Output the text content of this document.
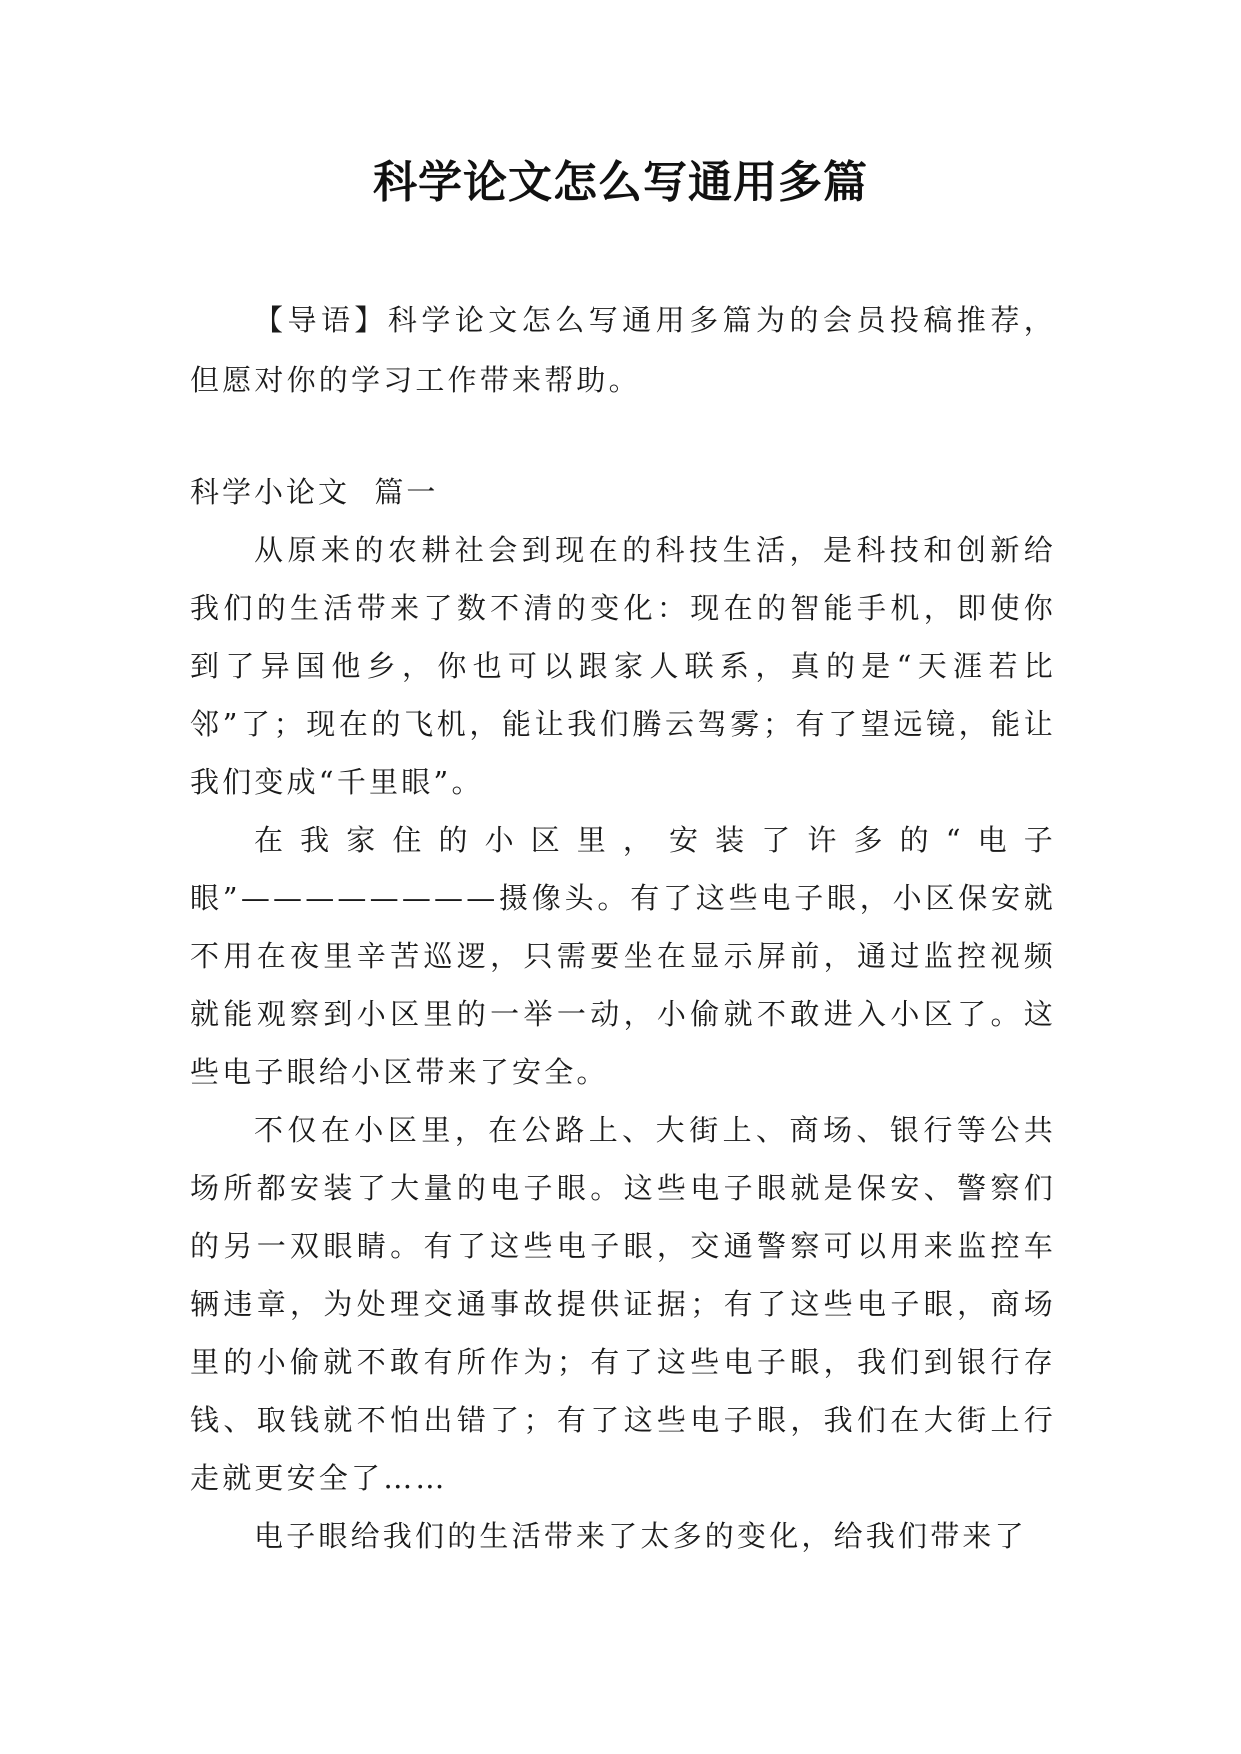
科学论文怎么写通用多篇

【导语】科学论文怎么写通用多篇为的会员投稿推荐，但愿对你的学习工作带来帮助。

科学小论文  篇一

从原来的农耕社会到现在的科技生活，是科技和创新给我们的生活带来了数不清的变化：现在的智能手机，即使你到了异国他乡，你也可以跟家人联系，真的是“天涯若比邻”了；现在的飞机，能让我们腾云驾雾；有了望远镜，能让我们变成“千里眼”。

在我家住的小区里，安装了许多的“电子眼”————————摄像头。有了这些电子眼，小区保安就不用在夜里辛苦巡逻，只需要坐在显示屏前，通过监控视频就能观察到小区里的一举一动，小偷就不敢进入小区了。这些电子眼给小区带来了安全。

不仅在小区里，在公路上、大街上、商场、银行等公共场所都安装了大量的电子眼。这些电子眼就是保安、警察们的另一双眼睛。有了这些电子眼，交通警察可以用来监控车辆违章，为处理交通事故提供证据；有了这些电子眼，商场里的小偷就不敢有所作为；有了这些电子眼，我们到银行存钱、取钱就不怕出错了；有了这些电子眼，我们在大街上行走就更安全了……

电子眼给我们的生活带来了太多的变化，给我们带来了
